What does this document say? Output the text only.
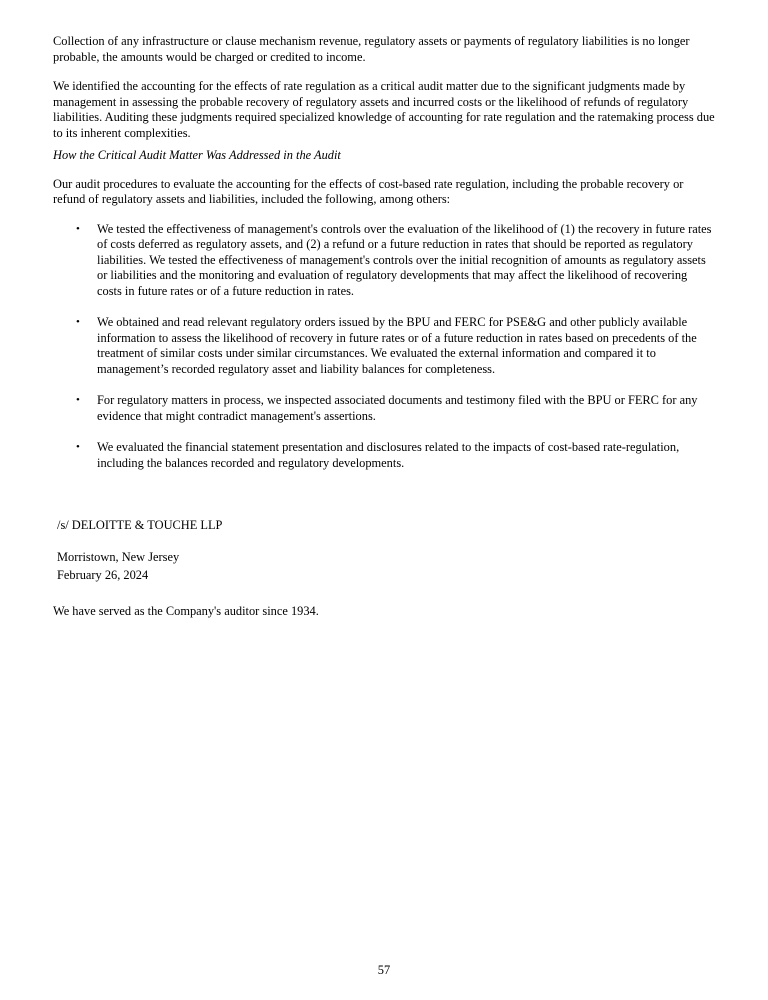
Collection of any infrastructure or clause mechanism revenue, regulatory assets or payments of regulatory liabilities is no longer probable, the amounts would be charged or credited to income.

We identified the accounting for the effects of rate regulation as a critical audit matter due to the significant judgments made by management in assessing the probable recovery of regulatory assets and incurred costs or the likelihood of refunds of regulatory liabilities. Auditing these judgments required specialized knowledge of accounting for rate regulation and the ratemaking process due to its inherent complexities.

How the Critical Audit Matter Was Addressed in the Audit

Our audit procedures to evaluate the accounting for the effects of cost-based rate regulation, including the probable recovery or refund of regulatory assets and liabilities, included the following, among others:

•	We tested the effectiveness of management's controls over the evaluation of the likelihood of (1) the recovery in future rates of costs deferred as regulatory assets, and (2) a refund or a future reduction in rates that should be reported as regulatory liabilities. We tested the effectiveness of management's controls over the initial recognition of amounts as regulatory assets or liabilities and the monitoring and evaluation of regulatory developments that may affect the likelihood of recovering costs in future rates or of a future reduction in rates.
•	We obtained and read relevant regulatory orders issued by the BPU and FERC for PSE&G and other publicly available information to assess the likelihood of recovery in future rates or of a future reduction in rates based on precedents of the treatment of similar costs under similar circumstances. We evaluated the external information and compared it to management’s recorded regulatory asset and liability balances for completeness.
•	For regulatory matters in process, we inspected associated documents and testimony filed with the BPU or FERC for any evidence that might contradict management's assertions.
•	We evaluated the financial statement presentation and disclosures related to the impacts of cost-based rate-regulation, including the balances recorded and regulatory developments.

/s/ DELOITTE & TOUCHE LLP

Morristown, New Jersey

February 26, 2024

We have served as the Company's auditor since 1934.

57
